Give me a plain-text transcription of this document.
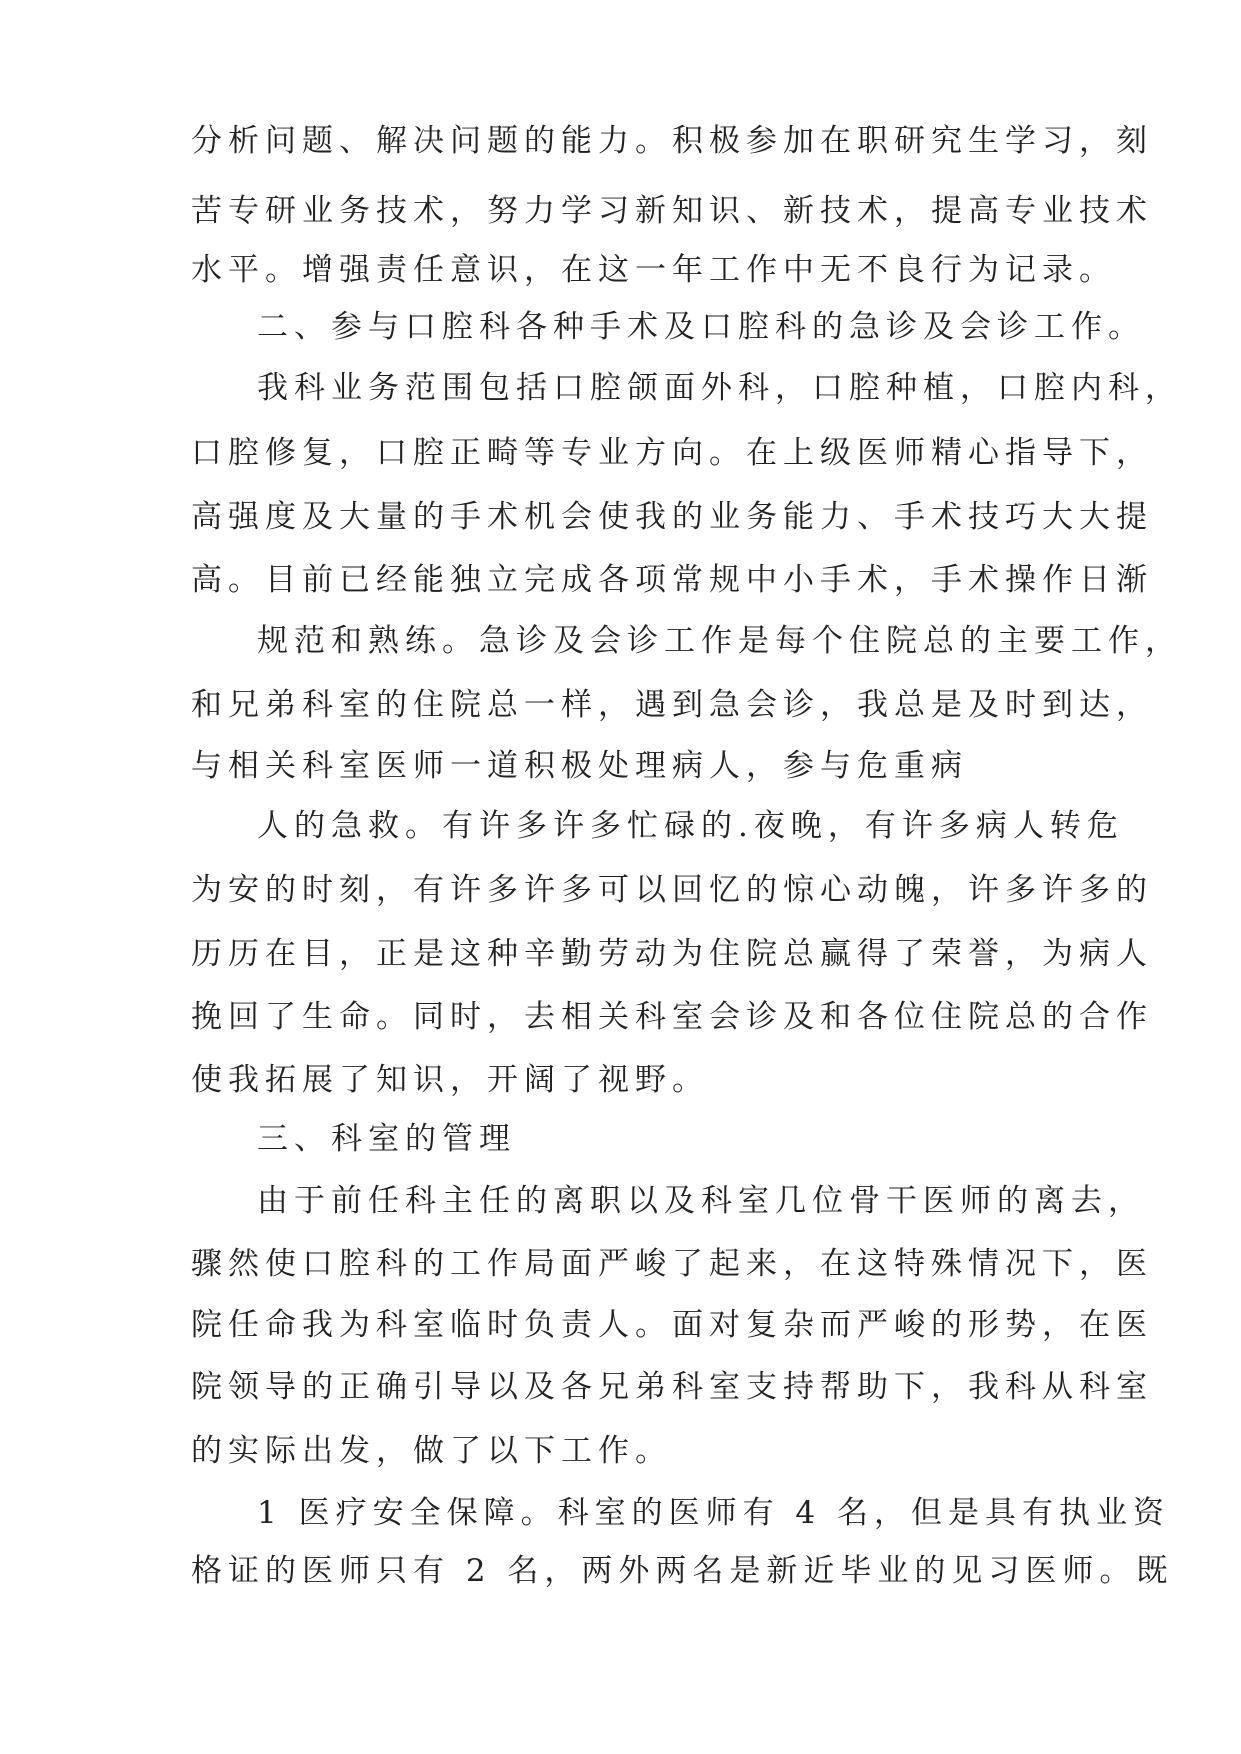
分析问题、解决问题的能力。积极参加在职研究生学习，刻
苦专研业务技术，努力学习新知识、新技术，提高专业技术
水平。增强责任意识，在这一年工作中无不良行为记录。
二、参与口腔科各种手术及口腔科的急诊及会诊工作。
我科业务范围包括口腔颌面外科，口腔种植，口腔内科，
口腔修复，口腔正畸等专业方向。在上级医师精心指导下，
高强度及大量的手术机会使我的业务能力、手术技巧大大提
高。目前已经能独立完成各项常规中小手术，手术操作日渐
规范和熟练。急诊及会诊工作是每个住院总的主要工作，
和兄弟科室的住院总一样，遇到急会诊，我总是及时到达，
与相关科室医师一道积极处理病人，参与危重病
人的急救。有许多许多忙碌的.夜晚，有许多病人转危
为安的时刻，有许多许多可以回忆的惊心动魄，许多许多的
历历在目，正是这种辛勤劳动为住院总赢得了荣誉，为病人
挽回了生命。同时，去相关科室会诊及和各位住院总的合作
使我拓展了知识，开阔了视野。
三、科室的管理
由于前任科主任的离职以及科室几位骨干医师的离去，
骤然使口腔科的工作局面严峻了起来，在这特殊情况下，医
院任命我为科室临时负责人。面对复杂而严峻的形势，在医
院领导的正确引导以及各兄弟科室支持帮助下，我科从科室
的实际出发，做了以下工作。
1 医疗安全保障。科室的医师有 4 名，但是具有执业资
格证的医师只有 2 名，两外两名是新近毕业的见习医师。既
